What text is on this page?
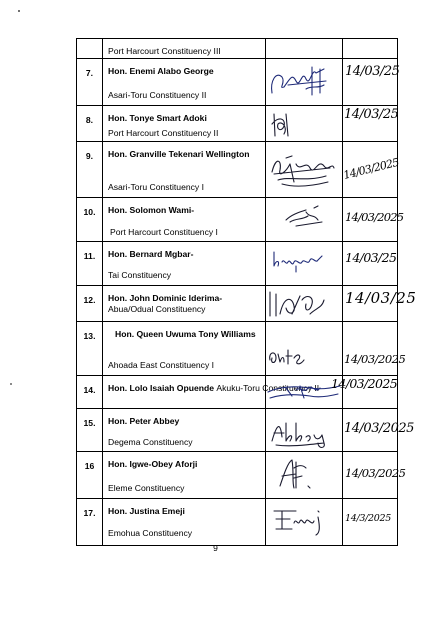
	Port Harcourt Constituency III		

7.	Hon. Enemi Alabo George
Asari-Toru Constituency II		14/03/25

8.	Hon. Tonye Smart Adoki
Port Harcourt Constituency II		14/03/25

9.	Hon. Granville Tekenari Wellington
Asari-Toru Constituency I		14/03/2025

10.	Hon. Solomon Wami-
Port Harcourt Constituency I		14/03/2025

11.	Hon. Bernard Mgbar-
Tai Constituency		14/03/25

12.	Hon. John Dominic Iderima-
Abua/Odual Constituency		14/03/25

13.	Hon. Queen Uwuma Tony Williams
Ahoada East Constituency I		14/03/2025

14.	Hon. Lolo Isaiah Opuende Akuku-Toru Constituency II		14/03/2025

15.	Hon. Peter Abbey
Degema Constituency		14/03/2025

16	Hon. Igwe-Obey Aforji
Eleme Constituency		14/03/2025

17.	Hon. Justina Emeji
Emohua Constituency		14/3/2025
9
